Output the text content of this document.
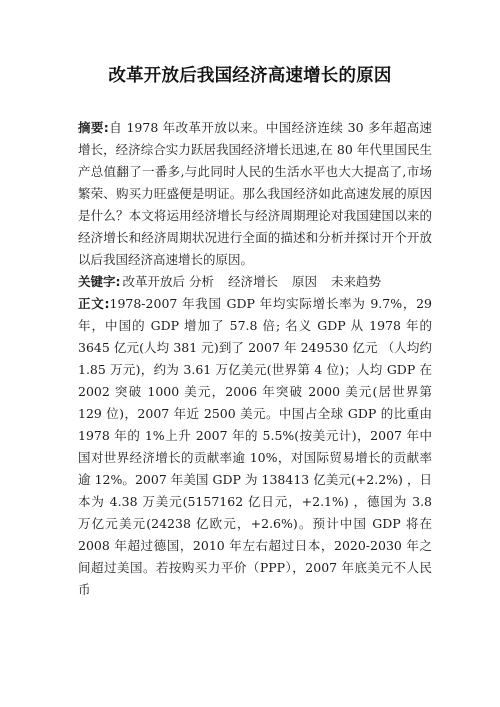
改革开放后我国经济高速增长的原因

摘要:自 1978 年改革开放以来。中国经济连续 30 多年超高速增长，经济综合实力跃居我国经济增长迅速,在 80 年代里国民生产总值翻了一番多,与此同时人民的生活水平也大大提高了,市场繁荣、购买力旺盛便是明证。那么我国经济如此高速发展的原因是什么？本文将运用经济增长与经济周期理论对我国建国以来的经济增长和经济周期状况进行全面的描述和分析并探讨开个开放以后我国经济高速增长的原因。

关键字: 改革开放后 分析 经济增长 原因 未来趋势

正文:1978-2007 年我国 GDP 年均实际增长率为 9.7%，29 年，中国的 GDP 增加了 57.8 倍; 名义 GDP 从 1978 年的 3645 亿元(人均 381 元)到了 2007 年 249530 亿元 （人均约 1.85 万元)，约为 3.61 万亿美元(世界第 4 位)；人均 GDP 在 2002 突破 1000 美元，2006 年突破 2000 美元(居世界第 129 位)，2007 年近 2500 美元。中国占全球 GDP 的比重由 1978 年的 1%上升 2007 年的 5.5%(按美元计)，2007 年中国对世界经济增长的贡献率逾 10%，对国际贸易增长的贡献率逾 12%。2007 年美国 GDP 为 138413 亿美元(+2.2%) ，日本为 4.38 万美元(5157162 亿日元，+2.1%) ，德国为 3.8 万亿元美元(24238 亿欧元，+2.6%)。预计中国 GDP 将在 2008 年超过德国，2010 年左右超过日本，2020-2030 年之间超过美国。若按购买力平价（PPP），2007 年底美元不人民币
